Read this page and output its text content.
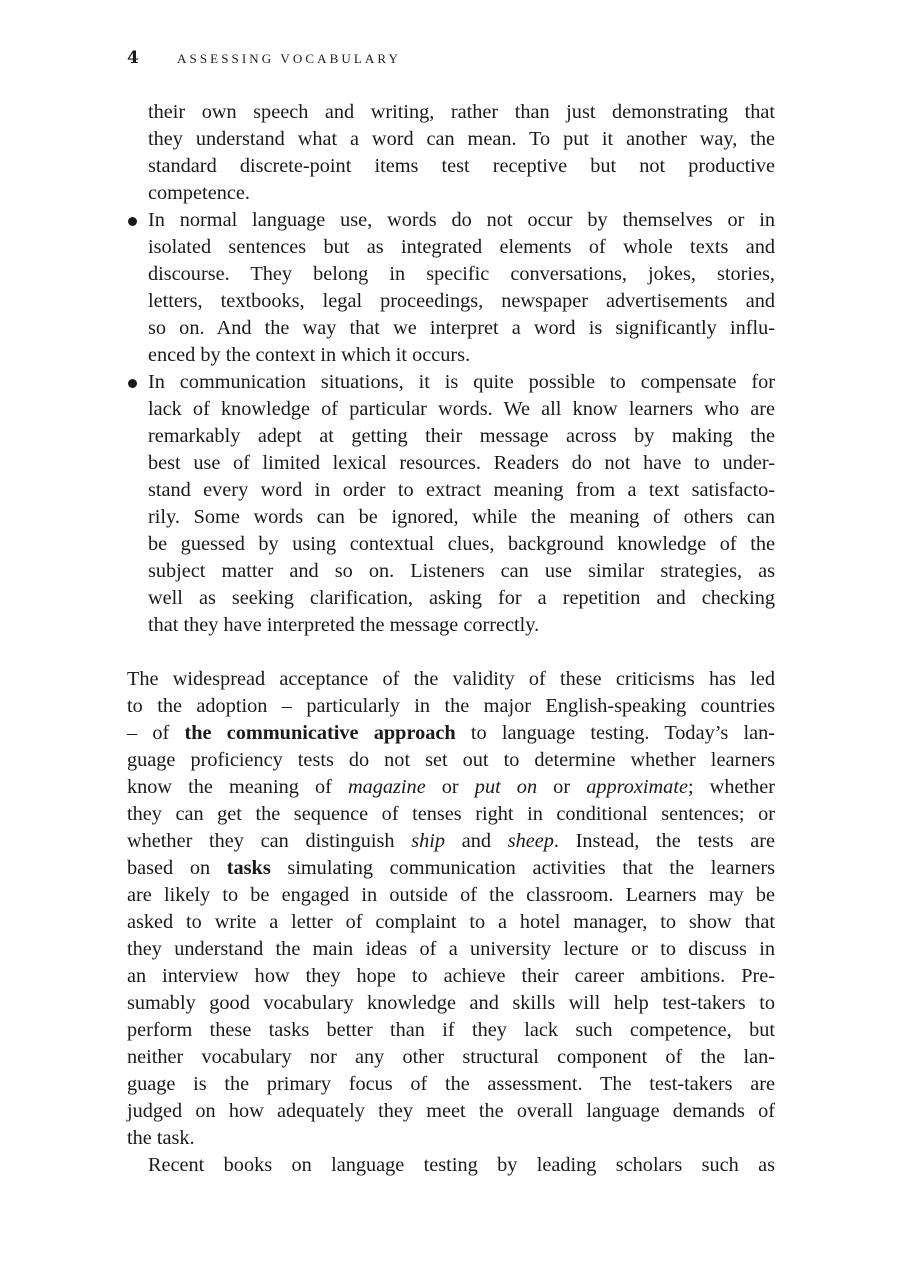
4	ASSESSING VOCABULARY
their own speech and writing, rather than just demonstrating that
they understand what a word can mean. To put it another way, the
standard discrete-point items test receptive but not productive
competence.
In normal language use, words do not occur by themselves or in
isolated sentences but as integrated elements of whole texts and
discourse. They belong in specific conversations, jokes, stories,
letters, textbooks, legal proceedings, newspaper advertisements and
so on. And the way that we interpret a word is significantly influ-
enced by the context in which it occurs.
In communication situations, it is quite possible to compensate for
lack of knowledge of particular words. We all know learners who are
remarkably adept at getting their message across by making the
best use of limited lexical resources. Readers do not have to under-
stand every word in order to extract meaning from a text satisfacto-
rily. Some words can be ignored, while the meaning of others can
be guessed by using contextual clues, background knowledge of the
subject matter and so on. Listeners can use similar strategies, as
well as seeking clarification, asking for a repetition and checking
that they have interpreted the message correctly.
The widespread acceptance of the validity of these criticisms has led
to the adoption – particularly in the major English-speaking countries
– of the communicative approach to language testing. Today’s lan-
guage proficiency tests do not set out to determine whether learners
know the meaning of magazine or put on or approximate; whether
they can get the sequence of tenses right in conditional sentences; or
whether they can distinguish ship and sheep. Instead, the tests are
based on tasks simulating communication activities that the learners
are likely to be engaged in outside of the classroom. Learners may be
asked to write a letter of complaint to a hotel manager, to show that
they understand the main ideas of a university lecture or to discuss in
an interview how they hope to achieve their career ambitions. Pre-
sumably good vocabulary knowledge and skills will help test-takers to
perform these tasks better than if they lack such competence, but
neither vocabulary nor any other structural component of the lan-
guage is the primary focus of the assessment. The test-takers are
judged on how adequately they meet the overall language demands of
the task.
Recent books on language testing by leading scholars such as
